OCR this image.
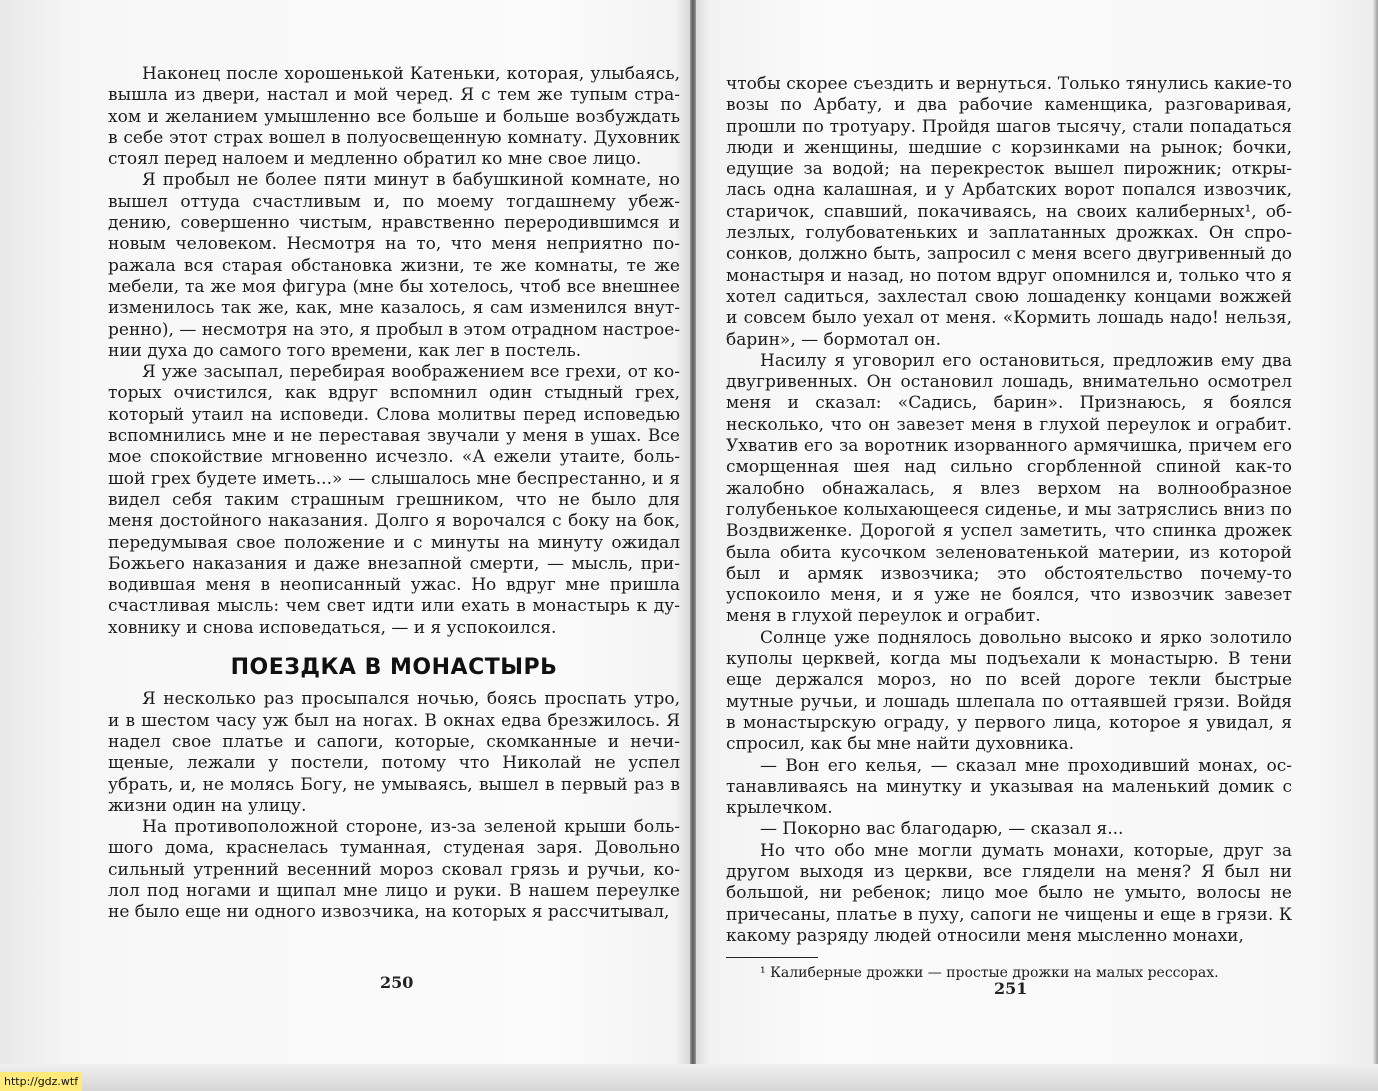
Наконец после хорошенькой Катеньки, которая, улыбаясь, вышла из двери, настал и мой черед. Я с тем же тупым страхом и желанием умышленно все больше и больше возбуждать в себе этот страх вошел в полуосвещенную комнату. Духовник стоял перед налоем и медленно обратил ко мне свое лицо.

Я пробыл не более пяти минут в бабушкиной комнате, но вышел оттуда счастливым и, по моему тогдашнему убеждению, совершенно чистым, нравственно переродившимся и новым человеком. Несмотря на то, что меня неприятно поражала вся старая обстановка жизни, те же комнаты, те же мебели, та же моя фигура (мне бы хотелось, чтоб все внешнее изменилось так же, как, мне казалось, я сам изменился внутренно), — несмотря на это, я пробыл в этом отрадном настроении духа до самого того времени, как лег в постель.

Я уже засыпал, перебирая воображением все грехи, от которых очистился, как вдруг вспомнил один стыдный грех, который утаил на исповеди. Слова молитвы перед исповедью вспомнились мне и не переставая звучали у меня в ушах. Все мое спокойствие мгновенно исчезло. «А ежели утаите, большой грех будете иметь...» — слышалось мне беспрестанно, и я видел себя таким страшным грешником, что не было для меня достойного наказания. Долго я ворочался с боку на бок, передумывая свое положение и с минуты на минуту ожидал Божьего наказания и даже внезапной смерти, — мысль, приводившая меня в неописанный ужас. Но вдруг мне пришла счастливая мысль: чем свет идти или ехать в монастырь к духовнику и снова исповедаться, — и я успокоился.

ПОЕЗДКА В МОНАСТЫРЬ

Я несколько раз просыпался ночью, боясь проспать утро, и в шестом часу уж был на ногах. В окнах едва брезжилось. Я надел свое платье и сапоги, которые, скомканные и нечищеные, лежали у постели, потому что Николай не успел убрать, и, не молясь Богу, не умываясь, вышел в первый раз в жизни один на улицу.

На противоположной стороне, из-за зеленой крыши большого дома, краснелась туманная, студеная заря. Довольно сильный утренний весенний мороз сковал грязь и ручьи, колол под ногами и щипал мне лицо и руки. В нашем переулке не было еще ни одного извозчика, на которых я рассчитывал,

250

чтобы скорее съездить и вернуться. Только тянулись какие-то возы по Арбату, и два рабочие каменщика, разговаривая, прошли по тротуару. Пройдя шагов тысячу, стали попадаться люди и женщины, шедшие с корзинками на рынок; бочки, едущие за водой; на перекресток вышел пирожник; открылась одна калашная, и у Арбатских ворот попался извозчик, старичок, спавший, покачиваясь, на своих калиберных¹, облезлых, голубоватеньких и заплатанных дрожках. Он спросонков, должно быть, запросил с меня всего двугривенный до монастыря и назад, но потом вдруг опомнился и, только что я хотел садиться, захлестал свою лошаденку концами вожжей и совсем было уехал от меня. «Кормить лошадь надо! нельзя, барин», — бормотал он.

Насилу я уговорил его остановиться, предложив ему два двугривенных. Он остановил лошадь, внимательно осмотрел меня и сказал: «Садись, барин». Признаюсь, я боялся несколько, что он завезет меня в глухой переулок и ограбит. Ухватив его за воротник изорванного армячишка, причем его сморщенная шея над сильно сгорбленной спиной как-то жалобно обнажалась, я влез верхом на волнообразное голубенькое колыхающееся сиденье, и мы затряслись вниз по Воздвиженке. Дорогой я успел заметить, что спинка дрожек была обита кусочком зеленоватенькой материи, из которой был и армяк извозчика; это обстоятельство почему-то успокоило меня, и я уже не боялся, что извозчик завезет меня в глухой переулок и ограбит.

Солнце уже поднялось довольно высоко и ярко золотило куполы церквей, когда мы подъехали к монастырю. В тени еще держался мороз, но по всей дороге текли быстрые мутные ручьи, и лошадь шлепала по оттаявшей грязи. Войдя в монастырскую ограду, у первого лица, которое я увидал, я спросил, как бы мне найти духовника.

— Вон его келья, — сказал мне проходивший монах, останавливаясь на минутку и указывая на маленький домик с крылечком.

— Покорно вас благодарю, — сказал я...

Но что обо мне могли думать монахи, которые, друг за другом выходя из церкви, все глядели на меня? Я был ни большой, ни ребенок; лицо мое было не умыто, волосы не причесаны, платье в пуху, сапоги не чищены и еще в грязи. К какому разряду людей относили меня мысленно монахи,

¹ Калиберные дрожки — простые дрожки на малых рессорах.

251
http://gdz.wtf
